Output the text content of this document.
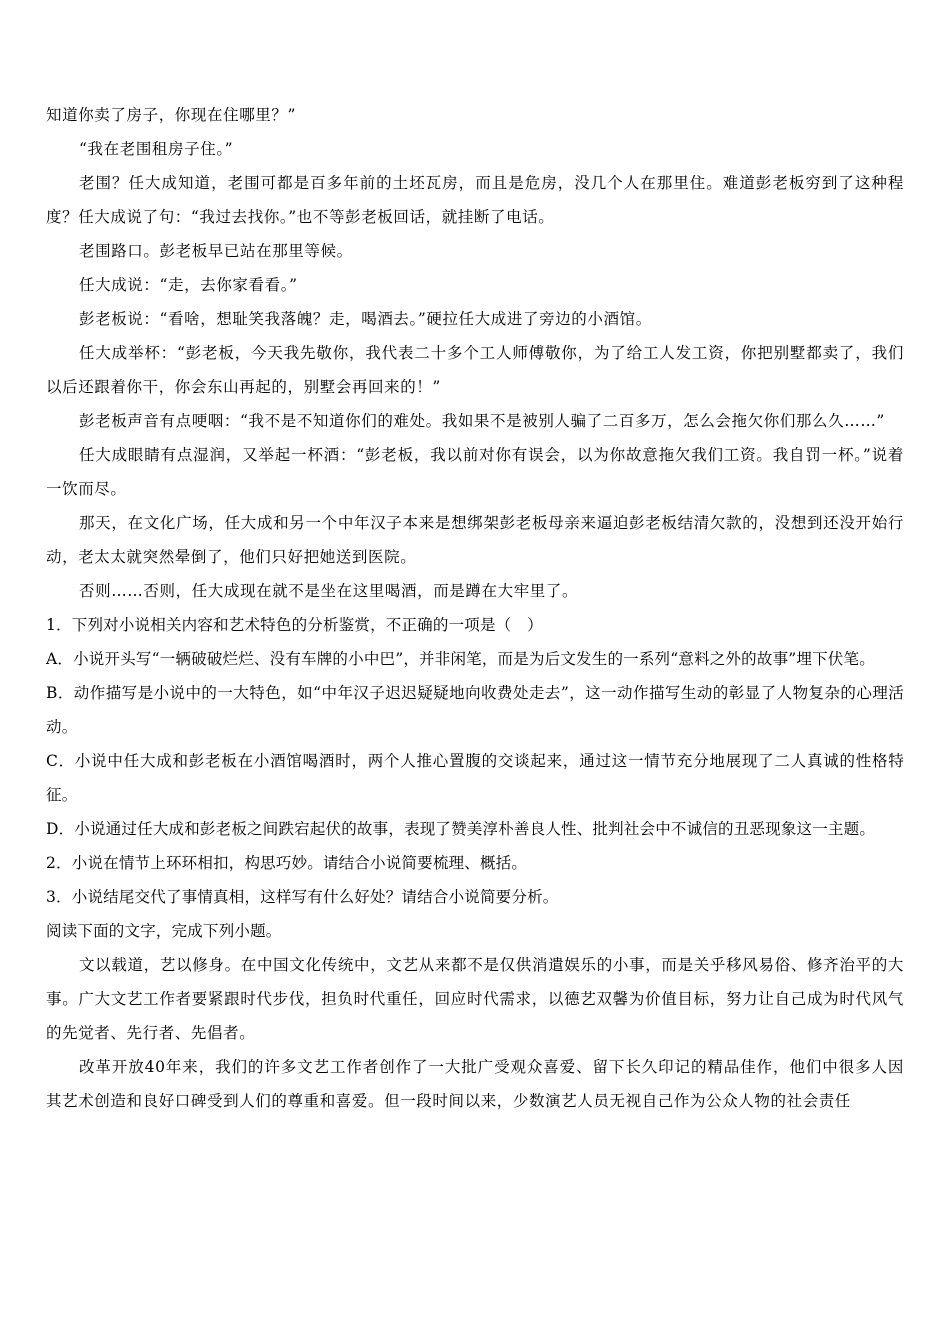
知道你卖了房子，你现在住哪里？”

“我在老围租房子住。”

老围？任大成知道，老围可都是百多年前的土坯瓦房，而且是危房，没几个人在那里住。难道彭老板穷到了这种程度？任大成说了句：“我过去找你。”也不等彭老板回话，就挂断了电话。

老围路口。彭老板早已站在那里等候。

任大成说：“走，去你家看看。”

彭老板说：“看啥，想耻笑我落魄？走，喝酒去。”硬拉任大成进了旁边的小酒馆。

任大成举杯：“彭老板，今天我先敬你，我代表二十多个工人师傅敬你，为了给工人发工资，你把别墅都卖了，我们以后还跟着你干，你会东山再起的，别墅会再回来的！”

彭老板声音有点哽咽：“我不是不知道你们的难处。我如果不是被别人骗了二百多万，怎么会拖欠你们那么久……”

任大成眼睛有点湿润，又举起一杯酒：“彭老板，我以前对你有误会，以为你故意拖欠我们工资。我自罚一杯。”说着一饮而尽。

那天，在文化广场，任大成和另一个中年汉子本来是想绑架彭老板母亲来逼迫彭老板结清欠款的，没想到还没开始行动，老太太就突然晕倒了，他们只好把她送到医院。

否则……否则，任大成现在就不是坐在这里喝酒，而是蹲在大牢里了。

1．下列对小说相关内容和艺术特色的分析鉴赏，不正确的一项是（　）

A．小说开头写“一辆破破烂烂、没有车牌的小中巴”，并非闲笔，而是为后文发生的一系列“意料之外的故事”埋下伏笔。

B．动作描写是小说中的一大特色，如“中年汉子迟迟疑疑地向收费处走去”，这一动作描写生动的彰显了人物复杂的心理活动。

C．小说中任大成和彭老板在小酒馆喝酒时，两个人推心置腹的交谈起来，通过这一情节充分地展现了二人真诚的性格特征。

D．小说通过任大成和彭老板之间跌宕起伏的故事，表现了赞美淳朴善良人性、批判社会中不诚信的丑恶现象这一主题。

2．小说在情节上环环相扣，构思巧妙。请结合小说简要梳理、概括。

3．小说结尾交代了事情真相，这样写有什么好处？请结合小说简要分析。

阅读下面的文字，完成下列小题。

文以载道，艺以修身。在中国文化传统中，文艺从来都不是仅供消遣娱乐的小事，而是关乎移风易俗、修齐治平的大事。广大文艺工作者要紧跟时代步伐，担负时代重任，回应时代需求，以德艺双馨为价值目标，努力让自己成为时代风气的先觉者、先行者、先倡者。

改革开放40年来，我们的许多文艺工作者创作了一大批广受观众喜爱、留下长久印记的精品佳作，他们中很多人因其艺术创造和良好口碑受到人们的尊重和喜爱。但一段时间以来，少数演艺人员无视自己作为公众人物的社会责任
